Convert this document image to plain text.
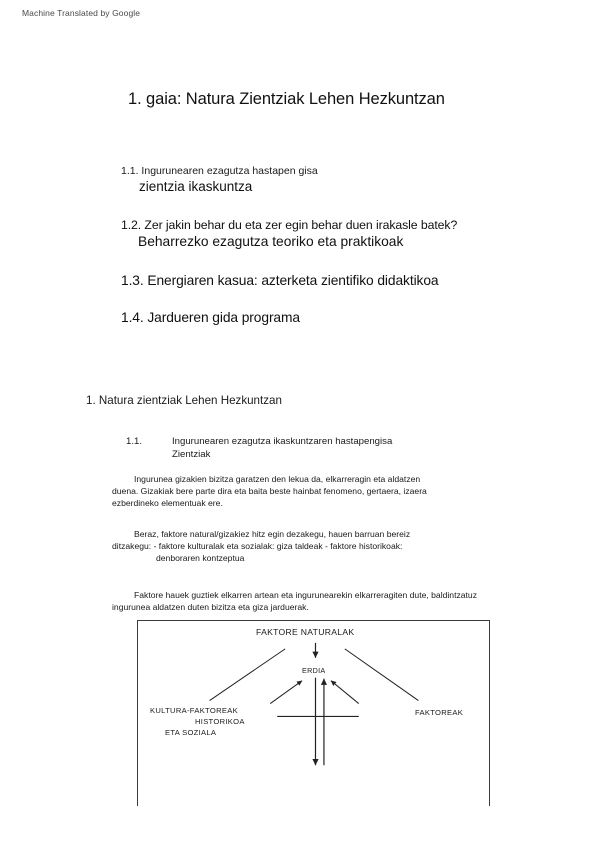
Machine Translated by Google
1. gaia: Natura Zientziak Lehen Hezkuntzan
1.1. Ingurunearen ezagutza hastapen gisa
zientzia ikaskuntza
1.2. Zer jakin behar du eta zer egin behar duen irakasle batek?
Beharrezko ezagutza teoriko eta praktikoak
1.3. Energiaren kasua: azterketa zientifiko didaktikoa
1.4. Jardueren gida programa
1. Natura zientziak Lehen Hezkuntzan
1.1.	Ingurunearen ezagutza ikaskuntzaren hastapengisa
Zientziak
Ingurunea gizakien bizitza garatzen den lekua da, elkarreragin eta aldatzen
duena. Gizakiak bere parte dira eta baita beste hainbat fenomeno, gertaera, izaera
ezberdineko elementuak ere.
Beraz, faktore natural/gizakiez hitz egin dezakegu, hauen barruan bereiz
ditzakegu: - faktore kulturalak eta sozialak: giza taldeak - faktore historikoak:
denboraren kontzeptua
Faktore hauek guztiek elkarren artean eta ingurunearekin elkarreragiten dute, baldintzatuz
ingurunea aldatzen duten bizitza eta giza jarduerak.
FAKTORE NATURALAK
ERDIA
FAKTOREAK
KULTURA-FAKTOREAK
HISTORIKOA
ETA SOZIALA
